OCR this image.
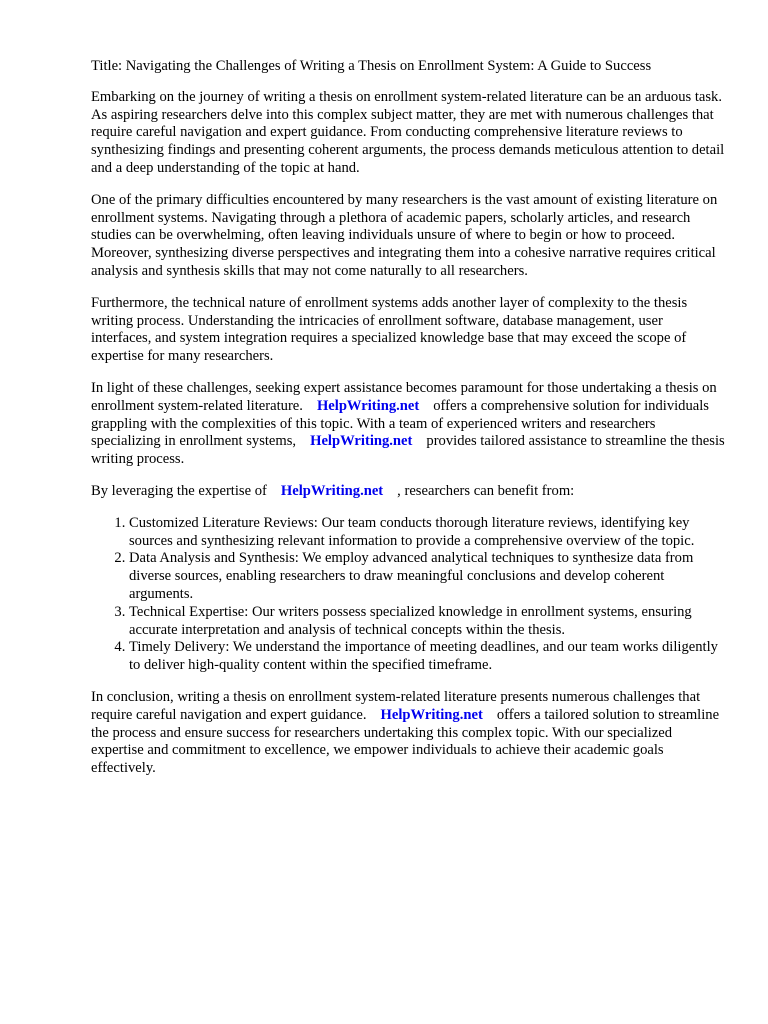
Title: Navigating the Challenges of Writing a Thesis on Enrollment System: A Guide to Success

Embarking on the journey of writing a thesis on enrollment system-related literature can be an arduous task. As aspiring researchers delve into this complex subject matter, they are met with numerous challenges that require careful navigation and expert guidance. From conducting comprehensive literature reviews to synthesizing findings and presenting coherent arguments, the process demands meticulous attention to detail and a deep understanding of the topic at hand.

One of the primary difficulties encountered by many researchers is the vast amount of existing literature on enrollment systems. Navigating through a plethora of academic papers, scholarly articles, and research studies can be overwhelming, often leaving individuals unsure of where to begin or how to proceed. Moreover, synthesizing diverse perspectives and integrating them into a cohesive narrative requires critical analysis and synthesis skills that may not come naturally to all researchers.

Furthermore, the technical nature of enrollment systems adds another layer of complexity to the thesis writing process. Understanding the intricacies of enrollment software, database management, user interfaces, and system integration requires a specialized knowledge base that may exceed the scope of expertise for many researchers.

In light of these challenges, seeking expert assistance becomes paramount for those undertaking a thesis on enrollment system-related literature. HelpWriting.net offers a comprehensive solution for individuals grappling with the complexities of this topic. With a team of experienced writers and researchers specializing in enrollment systems, HelpWriting.net provides tailored assistance to streamline the thesis writing process.

By leveraging the expertise of HelpWriting.net , researchers can benefit from:

1. Customized Literature Reviews: Our team conducts thorough literature reviews, identifying key sources and synthesizing relevant information to provide a comprehensive overview of the topic.
2. Data Analysis and Synthesis: We employ advanced analytical techniques to synthesize data from diverse sources, enabling researchers to draw meaningful conclusions and develop coherent arguments.
3. Technical Expertise: Our writers possess specialized knowledge in enrollment systems, ensuring accurate interpretation and analysis of technical concepts within the thesis.
4. Timely Delivery: We understand the importance of meeting deadlines, and our team works diligently to deliver high-quality content within the specified timeframe.

In conclusion, writing a thesis on enrollment system-related literature presents numerous challenges that require careful navigation and expert guidance. HelpWriting.net offers a tailored solution to streamline the process and ensure success for researchers undertaking this complex topic. With our specialized expertise and commitment to excellence, we empower individuals to achieve their academic goals effectively.
